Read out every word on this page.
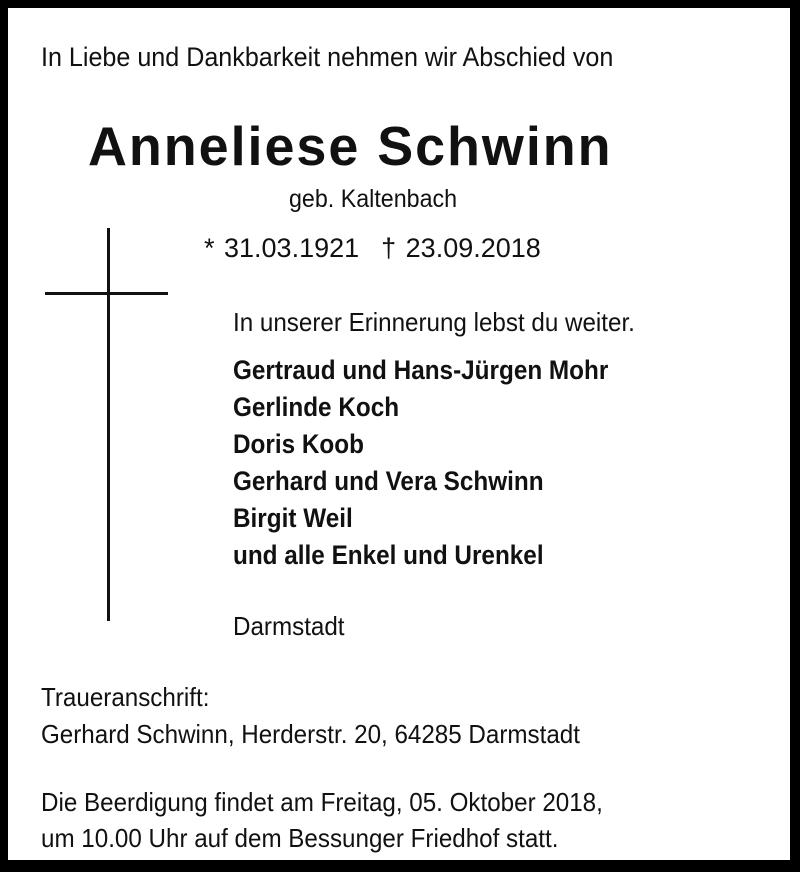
In Liebe und Dankbarkeit nehmen wir Abschied von
Anneliese Schwinn
geb. Kaltenbach
* 31.03.1921 † 23.09.2018
In unserer Erinnerung lebst du weiter.
Gertraud und Hans-Jürgen Mohr
Gerlinde Koch
Doris Koob
Gerhard und Vera Schwinn
Birgit Weil
und alle Enkel und Urenkel
Darmstadt
Traueranschrift:
Gerhard Schwinn, Herderstr. 20, 64285 Darmstadt
Die Beerdigung findet am Freitag, 05. Oktober 2018,
um 10.00 Uhr auf dem Bessunger Friedhof statt.
